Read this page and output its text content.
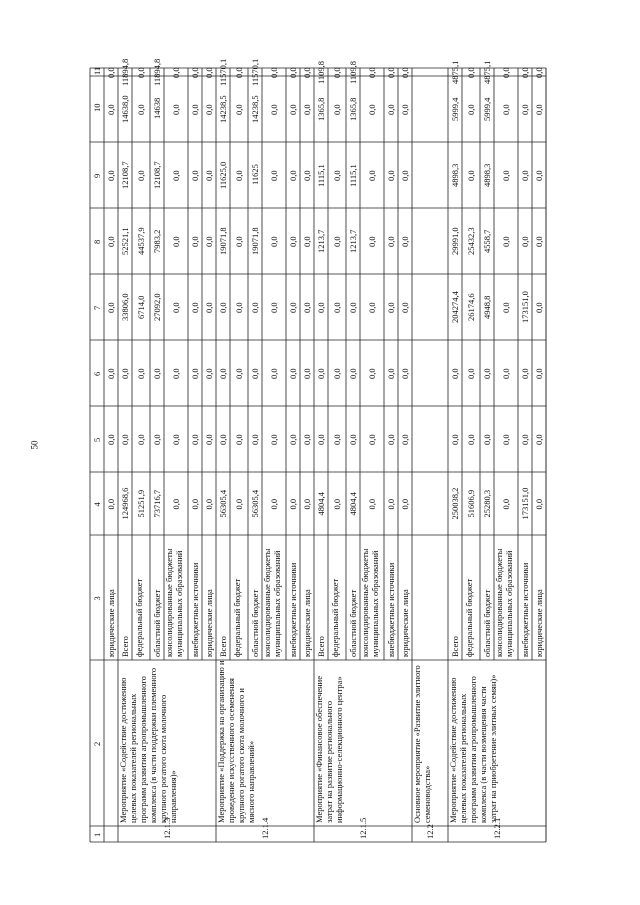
50
1
2
3
4
5
6
7
8
9
10
11
юридические лица
0,0
0,0
0,0
0,0
0,0
0,0
0,0
0,0
12.1.3
Мероприятие «Содействие достижению целевых показателей региональных программ развития агропромышленного комплекса (в части поддержки племенного крупного рогатого скота молочного направления)»
Всего
124968,6
0,0
0,0
33806,0
52521,1
12108,7
14638,0
11894,8
федеральный бюджет
51251,9
0,0
0,0
6714,0
44537,9
0,0
0,0
0,0
областной бюджет
73716,7
0,0
0,0
27092,0
7983,2
12108,7
14638
11894,8
консолидированные бюджеты муниципальных образований
0,0
0,0
0,0
0,0
0,0
0,0
0,0
0,0
внебюджетные источники
0,0
0,0
0,0
0,0
0,0
0,0
0,0
0,0
юридические лица
0,0
0,0
0,0
0,0
0,0
0,0
0,0
0,0
12.1.4
Мероприятие «Поддержка на организацию и проведение искусственного осеменения крупного рогатого скота молочного и мясного направлений»
Всего
56305,4
0,0
0,0
0,0
19071,8
11625,0
14238,5
11570,1
федеральный бюджет
0,0
0,0
0,0
0,0
0,0
0,0
0,0
0,0
областной бюджет
56305,4
0,0
0,0
0,0
19071,8
11625
14238,5
11570,1
консолидированные бюджеты муниципальных образований
0,0
0,0
0,0
0,0
0,0
0,0
0,0
0,0
внебюджетные источники
0,0
0,0
0,0
0,0
0,0
0,0
0,0
0,0
юридические лица
0,0
0,0
0,0
0,0
0,0
0,0
0,0
0,0
12.1.5
Мероприятие «Финансовое обеспечение затрат на развитие регионального информационно-селекционного центра»
Всего
4804,4
0,0
0,0
0,0
1213,7
1115,1
1365,8
1109,8
федеральный бюджет
0,0
0,0
0,0
0,0
0,0
0,0
0,0
0,0
областной бюджет
4804,4
0,0
0,0
0,0
1213,7
1115,1
1365,8
1109,8
консолидированные бюджеты муниципальных образований
0,0
0,0
0,0
0,0
0,0
0,0
0,0
0,0
внебюджетные источники
0,0
0,0
0,0
0,0
0,0
0,0
0,0
0,0
юридические лица
0,0
0,0
0,0
0,0
0,0
0,0
0,0
0,0
12.2
Основное мероприятие «Развитие элитного семеноводства»
12.2.1
Мероприятие «Содействие достижению целевых показателей региональных программ развития агропромышленного комплекса (в части возмещения части затрат на приобретение элитных семян)»
Всего
250038,2
0,0
0,0
204274,4
29991,0
4898,3
5999,4
4875,1
федеральный бюджет
51606,9
0,0
0,0
26174,6
25432,3
0,0
0,0
0,0
областной бюджет
25280,3
0,0
0,0
4948,8
4558,7
4898,3
5999,4
4875,1
консолидированные бюджеты муниципальных образований
0,0
0,0
0,0
0,0
0,0
0,0
0,0
0,0
внебюджетные источники
173151,0
0,0
0,0
173151,0
0,0
0,0
0,0
0,0
юридические лица
0,0
0,0
0,0
0,0
0,0
0,0
0,0
0,0
